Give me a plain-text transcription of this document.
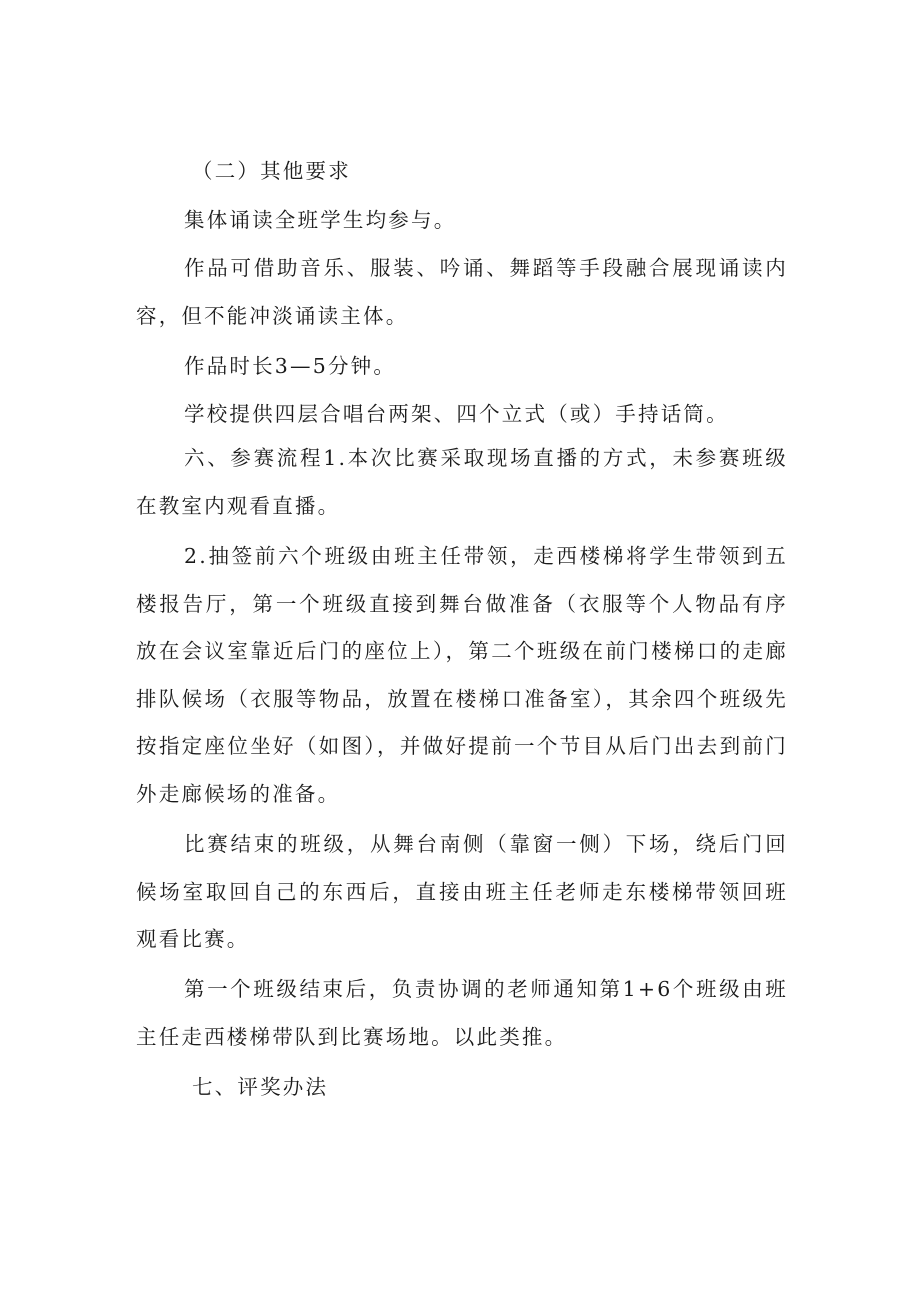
（二）其他要求

集体诵读全班学生均参与。

作品可借助音乐、服装、吟诵、舞蹈等手段融合展现诵读内容，但不能冲淡诵读主体。

作品时长3—5分钟。

学校提供四层合唱台两架、四个立式（或）手持话筒。

六、参赛流程1.本次比赛采取现场直播的方式，未参赛班级在教室内观看直播。

2.抽签前六个班级由班主任带领，走西楼梯将学生带领到五楼报告厅，第一个班级直接到舞台做准备（衣服等个人物品有序放在会议室靠近后门的座位上），第二个班级在前门楼梯口的走廊排队候场（衣服等物品，放置在楼梯口准备室），其余四个班级先按指定座位坐好（如图），并做好提前一个节目从后门出去到前门外走廊候场的准备。

比赛结束的班级，从舞台南侧（靠窗一侧）下场，绕后门回候场室取回自己的东西后，直接由班主任老师走东楼梯带领回班观看比赛。

第一个班级结束后，负责协调的老师通知第1+6个班级由班主任走西楼梯带队到比赛场地。以此类推。

七、评奖办法
